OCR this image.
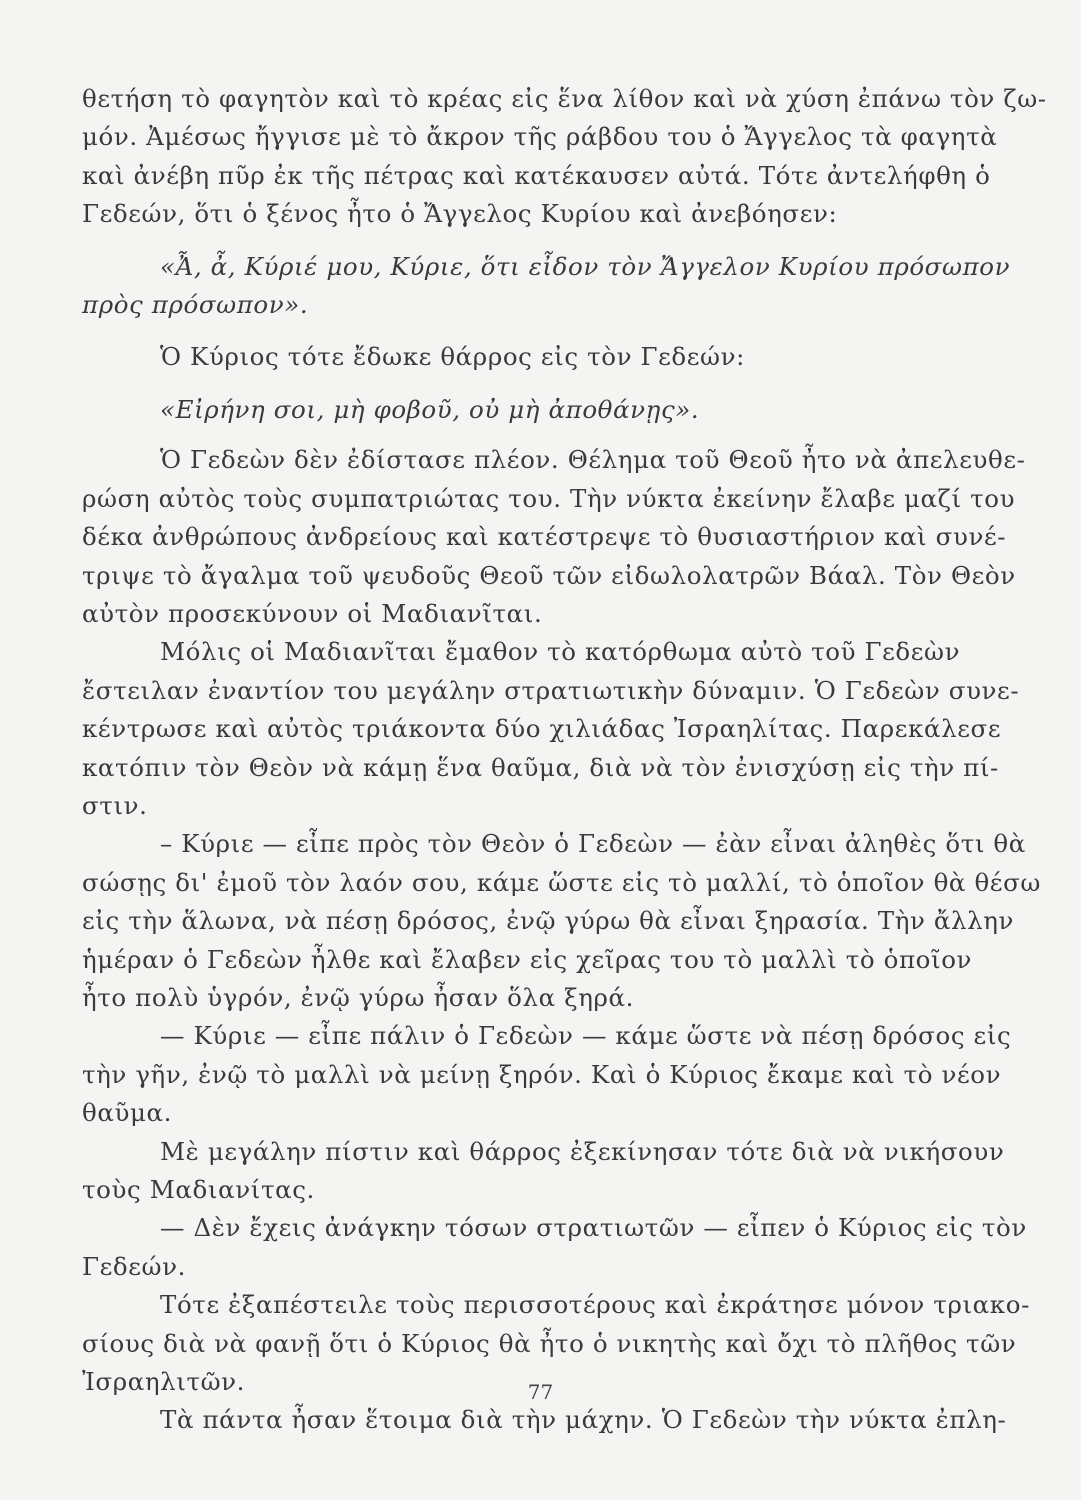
θετήση τὸ φαγητὸν καὶ τὸ κρέας εἰς ἕνα λίθον καὶ νὰ χύση ἐπάνω τὸν ζω-
μόν. Ἀμέσως ἤγγισε μὲ τὸ ἄκρον τῆς ράβδου του ὁ Ἄγγελος τὰ φαγητὰ
καὶ ἀνέβη πῦρ ἐκ τῆς πέτρας καὶ κατέκαυσεν αὐτά. Τότε ἀντελήφθη ὁ
Γεδεών, ὅτι ὁ ξένος ἦτο ὁ Ἄγγελος Κυρίου καὶ ἀνεβόησεν:
«Ἆ, ἆ, Κύριέ μου, Κύριε, ὅτι εἶδον τὸν Ἄγγελον Κυρίου πρόσωπον
πρὸς πρόσωπον».
Ὁ Κύριος τότε ἔδωκε θάρρος εἰς τὸν Γεδεών:
«Εἰρήνη σοι, μὴ φοβοῦ, οὐ μὴ ἀποθάνῃς».
Ὁ Γεδεὼν δὲν ἐδίστασε πλέον. Θέλημα τοῦ Θεοῦ ἦτο νὰ ἀπελευθε-
ρώση αὐτὸς τοὺς συμπατριώτας του. Τὴν νύκτα ἐκείνην ἔλαβε μαζί του
δέκα ἀνθρώπους ἀνδρείους καὶ κατέστρεψε τὸ θυσιαστήριον καὶ συνέ-
τριψε τὸ ἄγαλμα τοῦ ψευδοῦς Θεοῦ τῶν εἰδωλολατρῶν Βάαλ. Τὸν Θεὸν
αὐτὸν προσεκύνουν οἱ Μαδιανῖται.
Μόλις οἱ Μαδιανῖται ἔμαθον τὸ κατόρθωμα αὐτὸ τοῦ Γεδεὼν
ἔστειλαν ἐναντίον του μεγάλην στρατιωτικὴν δύναμιν. Ὁ Γεδεὼν συνε-
κέντρωσε καὶ αὐτὸς τριάκοντα δύο χιλιάδας Ἰσραηλίτας. Παρεκάλεσε
κατόπιν τὸν Θεὸν νὰ κάμῃ ἕνα θαῦμα, διὰ νὰ τὸν ἐνισχύσῃ εἰς τὴν πί-
στιν.
– Κύριε — εἶπε πρὸς τὸν Θεὸν ὁ Γεδεὼν — ἐὰν εἶναι ἀληθὲς ὅτι θὰ
σώσῃς δι' ἐμοῦ τὸν λαόν σου, κάμε ὥστε εἰς τὸ μαλλί, τὸ ὁποῖον θὰ θέσω
εἰς τὴν ἅλωνα, νὰ πέσῃ δρόσος, ἐνῷ γύρω θὰ εἶναι ξηρασία. Τὴν ἄλλην
ἡμέραν ὁ Γεδεὼν ἦλθε καὶ ἔλαβεν εἰς χεῖρας του τὸ μαλλὶ τὸ ὁποῖον
ἦτο πολὺ ὑγρόν, ἐνῷ γύρω ἦσαν ὅλα ξηρά.
— Κύριε — εἶπε πάλιν ὁ Γεδεὼν — κάμε ὥστε νὰ πέσῃ δρόσος εἰς
τὴν γῆν, ἐνῷ τὸ μαλλὶ νὰ μείνῃ ξηρόν. Καὶ ὁ Κύριος ἔκαμε καὶ τὸ νέον
θαῦμα.
Μὲ μεγάλην πίστιν καὶ θάρρος ἐξεκίνησαν τότε διὰ νὰ νικήσουν
τοὺς Μαδιανίτας.
— Δὲν ἔχεις ἀνάγκην τόσων στρατιωτῶν — εἶπεν ὁ Κύριος εἰς τὸν
Γεδεών.
Τότε ἐξαπέστειλε τοὺς περισσοτέρους καὶ ἐκράτησε μόνον τριακο-
σίους διὰ νὰ φανῇ ὅτι ὁ Κύριος θὰ ἦτο ὁ νικητὴς καὶ ὄχι τὸ πλῆθος τῶν
Ἰσραηλιτῶν.
Τὰ πάντα ἦσαν ἕτοιμα διὰ τὴν μάχην. Ὁ Γεδεὼν τὴν νύκτα ἐπλη-
77
